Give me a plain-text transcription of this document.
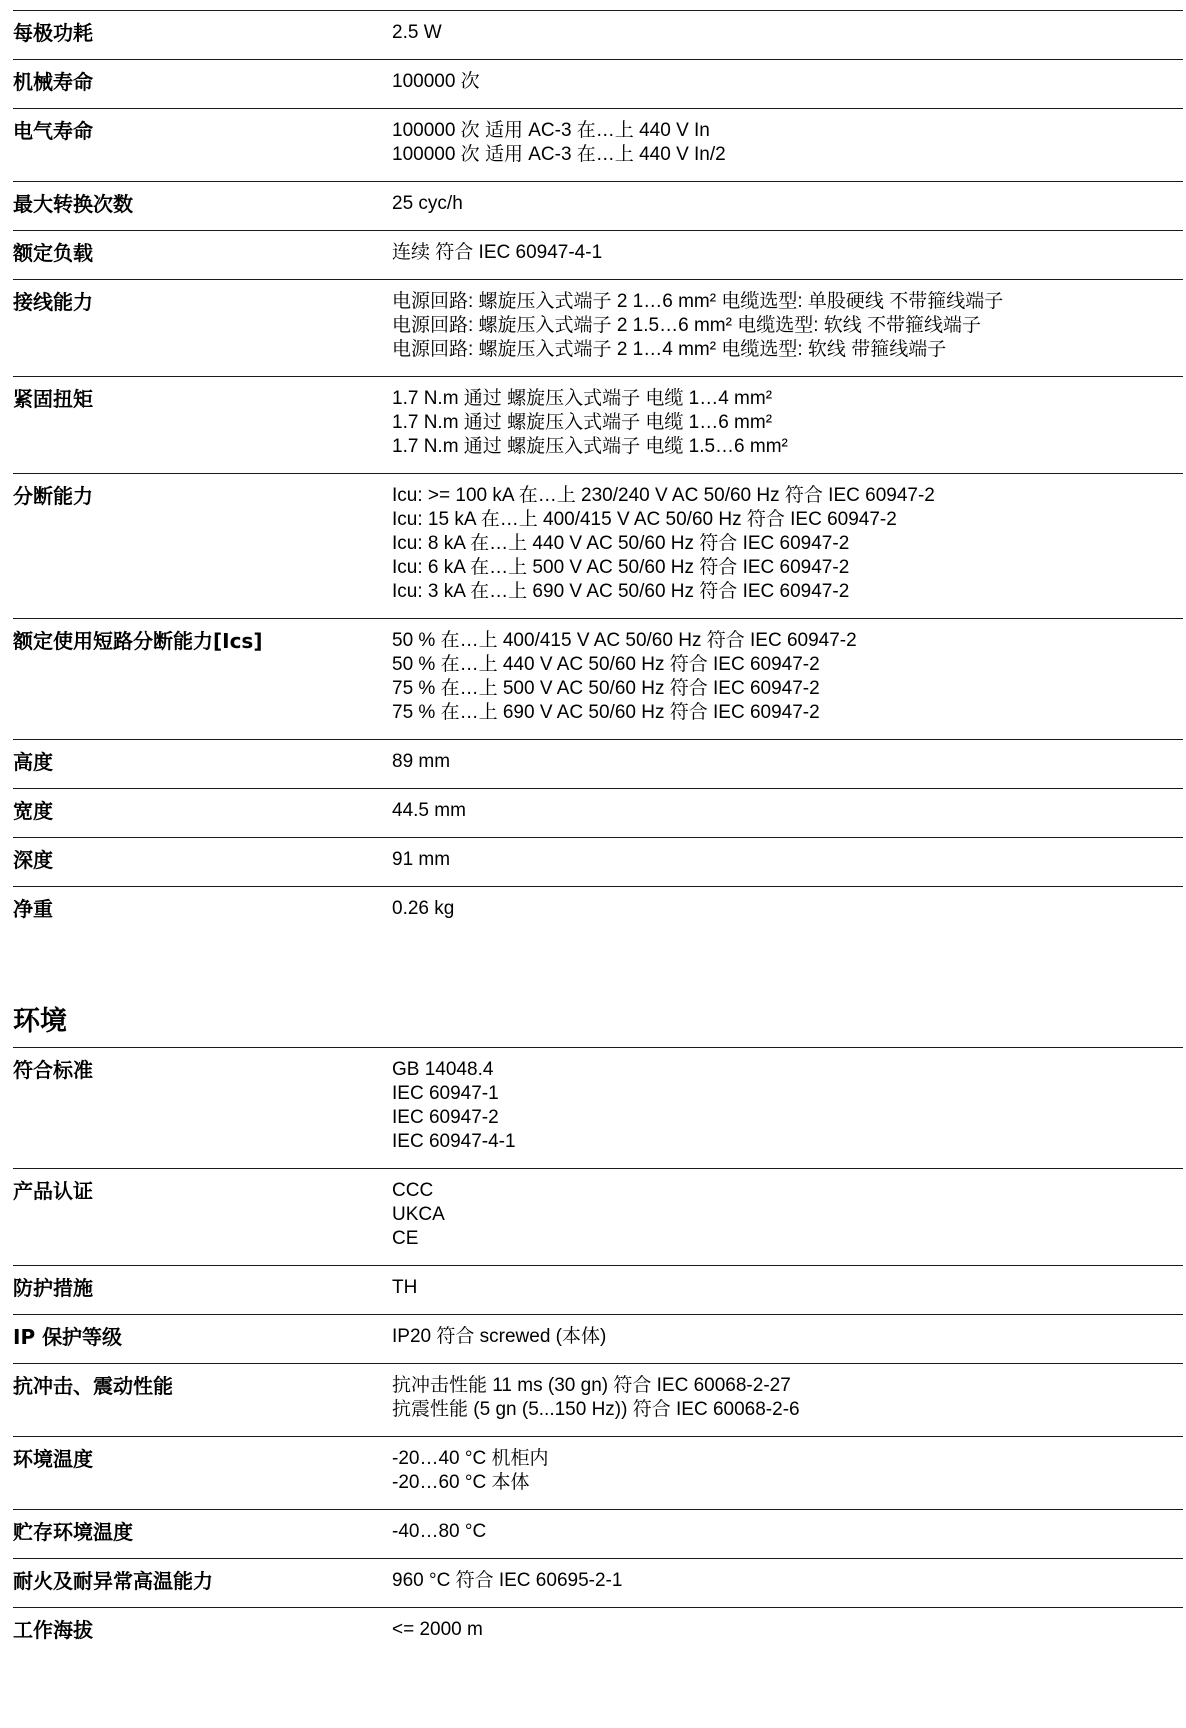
每极功耗	2.5 W
机械寿命	100000 次
电气寿命	100000 次 适用 AC-3 在…上 440 V In
100000 次 适用 AC-3 在…上 440 V In/2
最大转换次数	25 cyc/h
额定负载	连续 符合 IEC 60947-4-1
接线能力	电源回路: 螺旋压入式端子 2 1…6 mm² 电缆选型: 单股硬线 不带箍线端子
电源回路: 螺旋压入式端子 2 1.5…6 mm² 电缆选型: 软线 不带箍线端子
电源回路: 螺旋压入式端子 2 1…4 mm² 电缆选型: 软线 带箍线端子
紧固扭矩	1.7 N.m 通过 螺旋压入式端子 电缆 1…4 mm²
1.7 N.m 通过 螺旋压入式端子 电缆 1…6 mm²
1.7 N.m 通过 螺旋压入式端子 电缆 1.5…6 mm²
分断能力	Icu: >= 100 kA 在…上 230/240 V AC 50/60 Hz 符合 IEC 60947-2
Icu: 15 kA 在…上 400/415 V AC 50/60 Hz 符合 IEC 60947-2
Icu: 8 kA 在…上 440 V AC 50/60 Hz 符合 IEC 60947-2
Icu: 6 kA 在…上 500 V AC 50/60 Hz 符合 IEC 60947-2
Icu: 3 kA 在…上 690 V AC 50/60 Hz 符合 IEC 60947-2
额定使用短路分断能力[Ics]	50 % 在…上 400/415 V AC 50/60 Hz 符合 IEC 60947-2
50 % 在…上 440 V AC 50/60 Hz 符合 IEC 60947-2
75 % 在…上 500 V AC 50/60 Hz 符合 IEC 60947-2
75 % 在…上 690 V AC 50/60 Hz 符合 IEC 60947-2
高度	89 mm
宽度	44.5 mm
深度	91 mm
净重	0.26 kg
环境
符合标准	GB 14048.4
IEC 60947-1
IEC 60947-2
IEC 60947-4-1
产品认证	CCC
UKCA
CE
防护措施	TH
IP 保护等级	IP20 符合 screwed (本体)
抗冲击、震动性能	抗冲击性能 11 ms (30 gn) 符合 IEC 60068-2-27
抗震性能 (5 gn (5...150 Hz)) 符合 IEC 60068-2-6
环境温度	-20…40 °C 机柜内
-20…60 °C 本体
贮存环境温度	-40…80 °C
耐火及耐异常高温能力	960 °C 符合 IEC 60695-2-1
工作海拔	<= 2000 m
